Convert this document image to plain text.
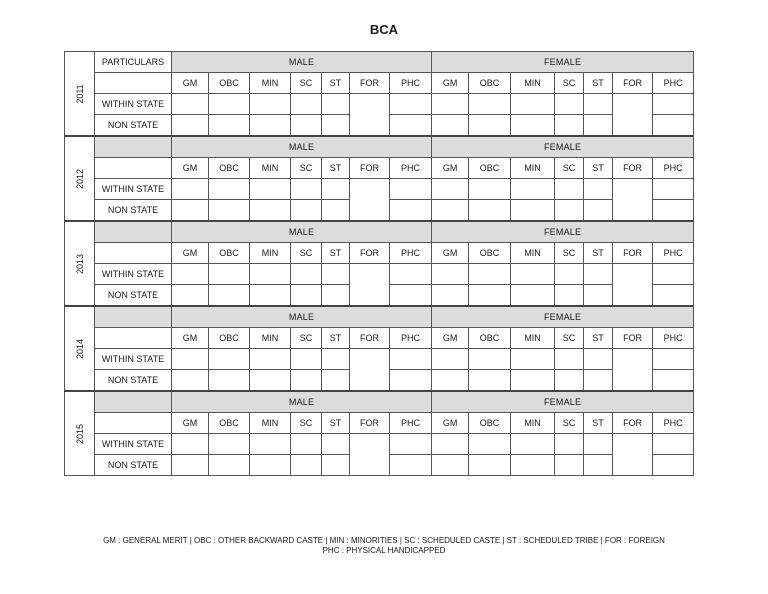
BCA
2011	PARTICULARS	MALE							FEMALE						
		GM	OBC	MIN	SC	ST	FOR	PHC	GM	OBC	MIN	SC	ST	FOR	PHC
	WITHIN STATE														
	NON STATE														

2012		MALE							FEMALE						
		GM	OBC	MIN	SC	ST	FOR	PHC	GM	OBC	MIN	SC	ST	FOR	PHC
	WITHIN STATE														
	NON STATE														

2013		MALE							FEMALE						
		GM	OBC	MIN	SC	ST	FOR	PHC	GM	OBC	MIN	SC	ST	FOR	PHC
	WITHIN STATE														
	NON STATE														

2014		MALE							FEMALE						
		GM	OBC	MIN	SC	ST	FOR	PHC	GM	OBC	MIN	SC	ST	FOR	PHC
	WITHIN STATE														
	NON STATE														

2015		MALE							FEMALE						
		GM	OBC	MIN	SC	ST	FOR	PHC	GM	OBC	MIN	SC	ST	FOR	PHC
	WITHIN STATE														
	NON STATE														
GM : GENERAL MERIT | OBC : OTHER BACKWARD CASTE | MIN : MINORITIES | SC : SCHEDULED CASTE | ST : SCHEDULED TRIBE | FOR : FOREIGN
PHC : PHYSICAL HANDICAPPED
